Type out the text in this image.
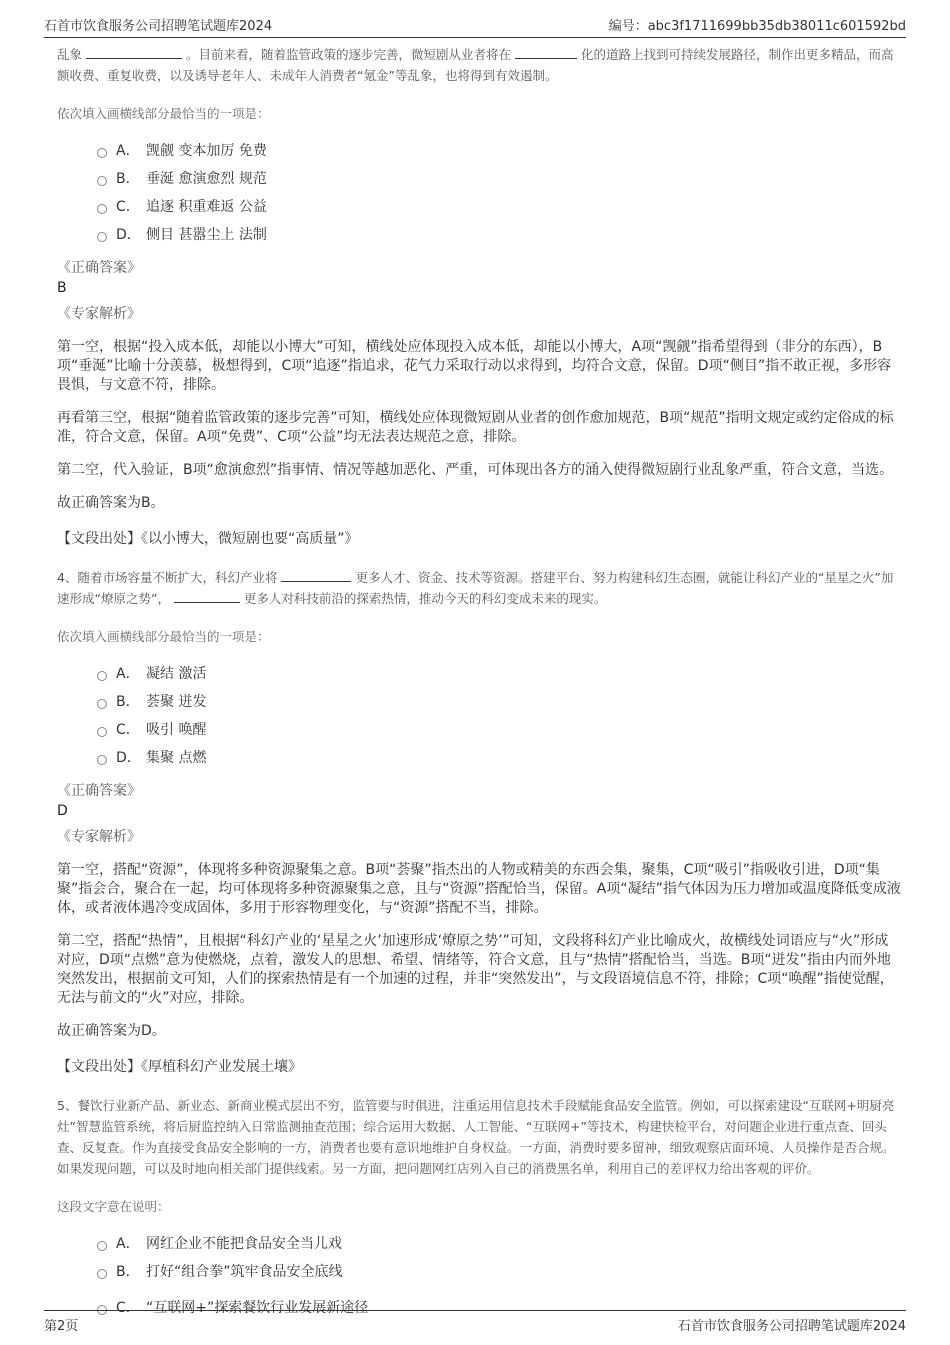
石首市饮食服务公司招聘笔试题库2024	编号：abc3f1711699bb35db38011c601592bd
乱象	。目前来看，随着监管政策的逐步完善，微短剧从业者将在	化的道路上找到可持续发展路径，制作出更多精品，而高额收费、重复收费，以及诱导老年人、未成年人消费者“氪金”等乱象，也将得到有效遏制。
依次填入画横线部分最恰当的一项是：
A． 觊觎 变本加厉 免费
B． 垂涎 愈演愈烈 规范
C． 追逐 积重难返 公益
D． 侧目 甚嚣尘上 法制
《正确答案》
B
《专家解析》

第一空，根据“投入成本低，却能以小博大”可知，横线处应体现投入成本低，却能以小博大，A项“觊觎”指希望得到（非分的东西），B项“垂涎”比喻十分羡慕，极想得到，C项“追逐”指追求，花气力采取行动以求得到，均符合文意，保留。D项“侧目”指不敢正视，多形容畏惧，与文意不符，排除。

再看第三空，根据“随着监管政策的逐步完善”可知，横线处应体现微短剧从业者的创作愈加规范，B项“规范”指明文规定或约定俗成的标准，符合文意，保留。A项“免费”、C项“公益”均无法表达规范之意，排除。

第二空，代入验证，B项“愈演愈烈”指事情、情况等越加恶化、严重，可体现出各方的涌入使得微短剧行业乱象严重，符合文意，当选。

故正确答案为B。

【文段出处】《以小博大，微短剧也要“高质量”》
4、随着市场容量不断扩大，科幻产业将	更多人才、资金、技术等资源。搭建平台、努力构建科幻生态圈，就能让科幻产业的“星星之火”加速形成“燎原之势”，	更多人对科技前沿的探索热情，推动今天的科幻变成未来的现实。
依次填入画横线部分最恰当的一项是：
A． 凝结 激活
B． 荟聚 迸发
C． 吸引 唤醒
D． 集聚 点燃
《正确答案》
D
《专家解析》

第一空，搭配“资源”，体现将多种资源聚集之意。B项“荟聚”指杰出的人物或精美的东西会集，聚集，C项“吸引”指吸收引进，D项“集聚”指会合，聚合在一起，均可体现将多种资源聚集之意，且与“资源”搭配恰当，保留。A项“凝结”指气体因为压力增加或温度降低变成液体，或者液体遇冷变成固体，多用于形容物理变化，与“资源”搭配不当，排除。

第二空，搭配“热情”，且根据“科幻产业的‘星星之火’加速形成‘燎原之势’”可知，文段将科幻产业比喻成火，故横线处词语应与“火”形成对应，D项“点燃”意为使燃烧，点着，激发人的思想、希望、情绪等，符合文意，且与“热情”搭配恰当，当选。B项“迸发”指由内而外地突然发出，根据前文可知，人们的探索热情是有一个加速的过程，并非“突然发出”，与文段语境信息不符，排除；C项“唤醒”指使觉醒，无法与前文的“火”对应，排除。

故正确答案为D。

【文段出处】《厚植科幻产业发展土壤》
5、餐饮行业新产品、新业态、新商业模式层出不穷，监管要与时俱进，注重运用信息技术手段赋能食品安全监管。例如，可以探索建设“互联网+明厨亮灶”智慧监管系统，将后厨监控纳入日常监测抽查范围；综合运用大数据、人工智能、“互联网+”等技术，构建快检平台，对问题企业进行重点查、回头查、反复查。作为直接受食品安全影响的一方，消费者也要有意识地维护自身权益。一方面，消费时要多留神，细致观察店面环境、人员操作是否合规。如果发现问题，可以及时地向相关部门提供线索。另一方面，把问题网红店列入自己的消费黑名单，利用自己的差评权力给出客观的评价。
这段文字意在说明：
A． 网红企业不能把食品安全当儿戏
B． 打好“组合拳”筑牢食品安全底线
C． “互联网+”探索餐饮行业发展新途径
第2页	石首市饮食服务公司招聘笔试题库2024
